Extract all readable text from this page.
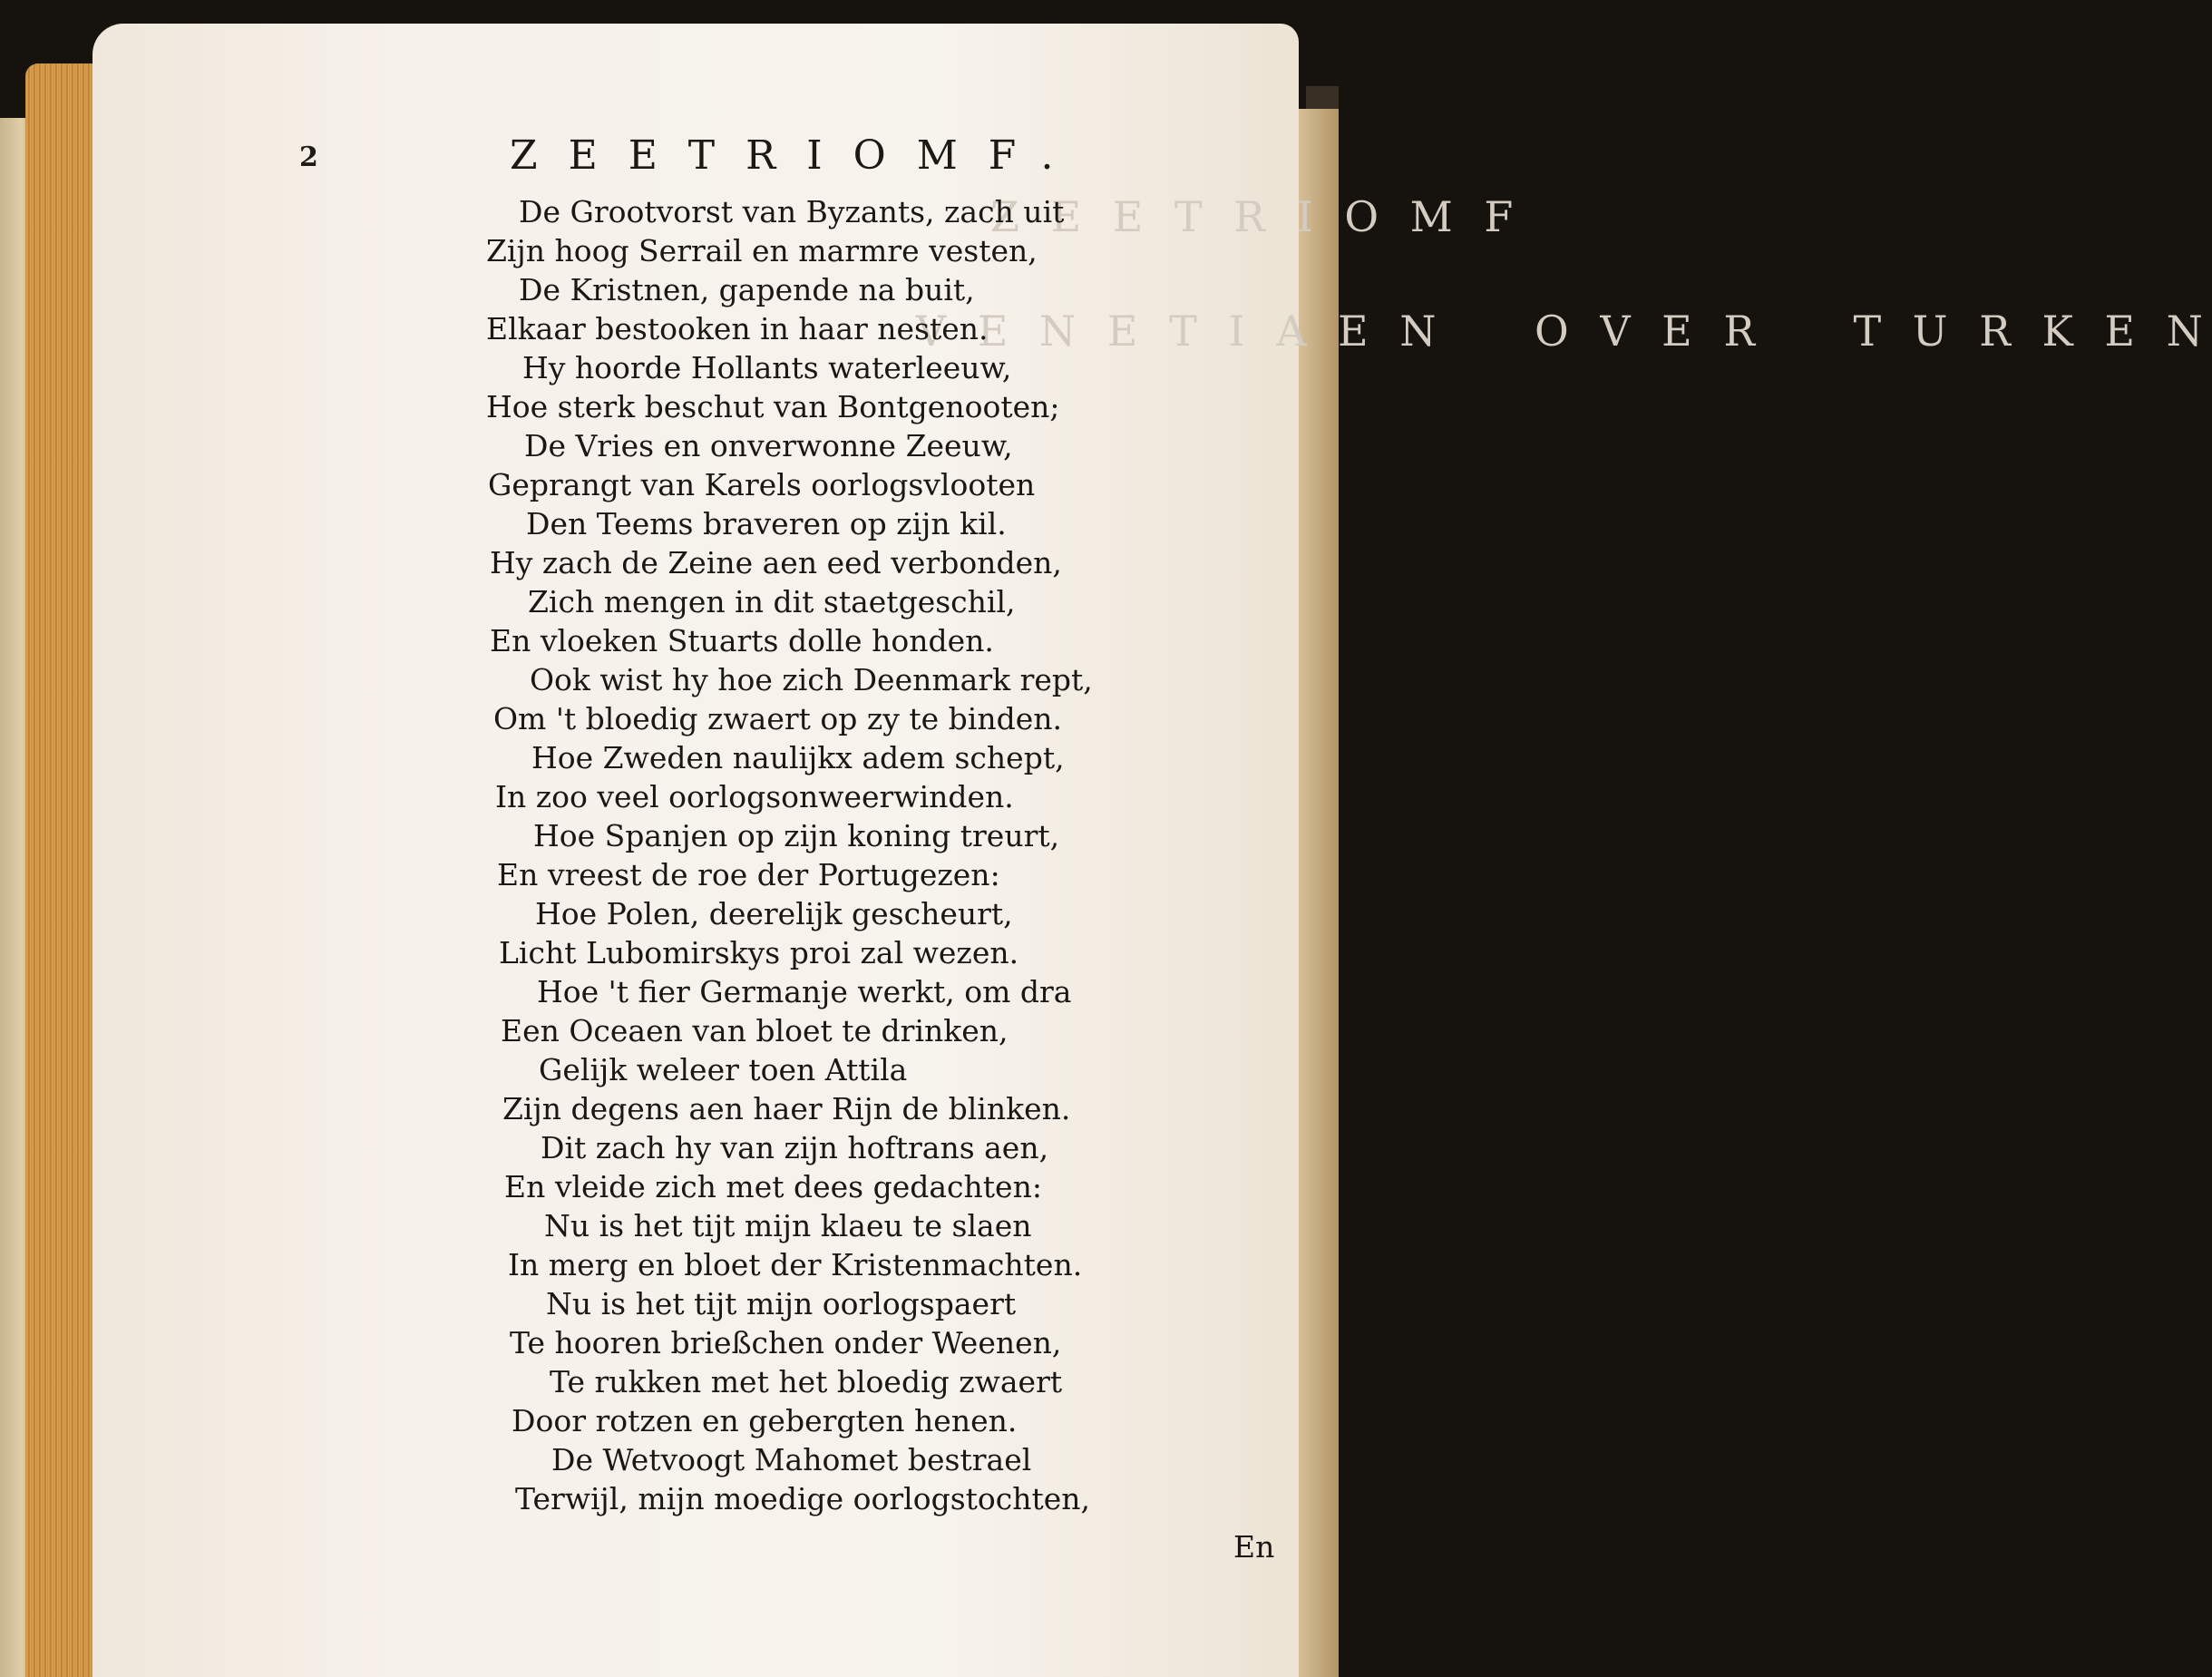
Z E E T R I O M F
V E N E T I A E N    O V E R    T U R K E N
2	ZEETRIOMF.
De Grootvorst van Byzants, zach uit
Zijn hoog Serrail en marmre vesten,
De Kristnen, gapende na buit,
Elkaar bestooken in haar nesten.
Hy hoorde Hollants waterleeuw,
Hoe sterk beschut van Bontgenooten;
De Vries en onverwonne Zeeuw,
Geprangt van Karels oorlogsvlooten
Den Teems braveren op zijn kil.
Hy zach de Zeine aen eed verbonden,
Zich mengen in dit staetgeschil,
En vloeken Stuarts dolle honden.
Ook wist hy hoe zich Deenmark rept,
Om 't bloedig zwaert op zy te binden.
Hoe Zweden naulijkx adem schept,
In zoo veel oorlogsonweerwinden.
Hoe Spanjen op zijn koning treurt,
En vreest de roe der Portugezen:
Hoe Polen, deerelijk gescheurt,
Licht Lubomirskys proi zal wezen.
Hoe 't fier Germanje werkt, om dra
Een Oceaen van bloet te drinken,
Gelijk weleer toen Attila
Zijn degens aen haer Rijn de blinken.
Dit zach hy van zijn hoftrans aen,
En vleide zich met dees gedachten:
Nu is het tijt mijn klaeu te slaen
In merg en bloet der Kristenmachten.
Nu is het tijt mijn oorlogspaert
Te hooren brießchen onder Weenen,
Te rukken met het bloedig zwaert
Door rotzen en gebergten henen.
De Wetvoogt Mahomet bestrael
Terwijl, mijn moedige oorlogstochten,
En
